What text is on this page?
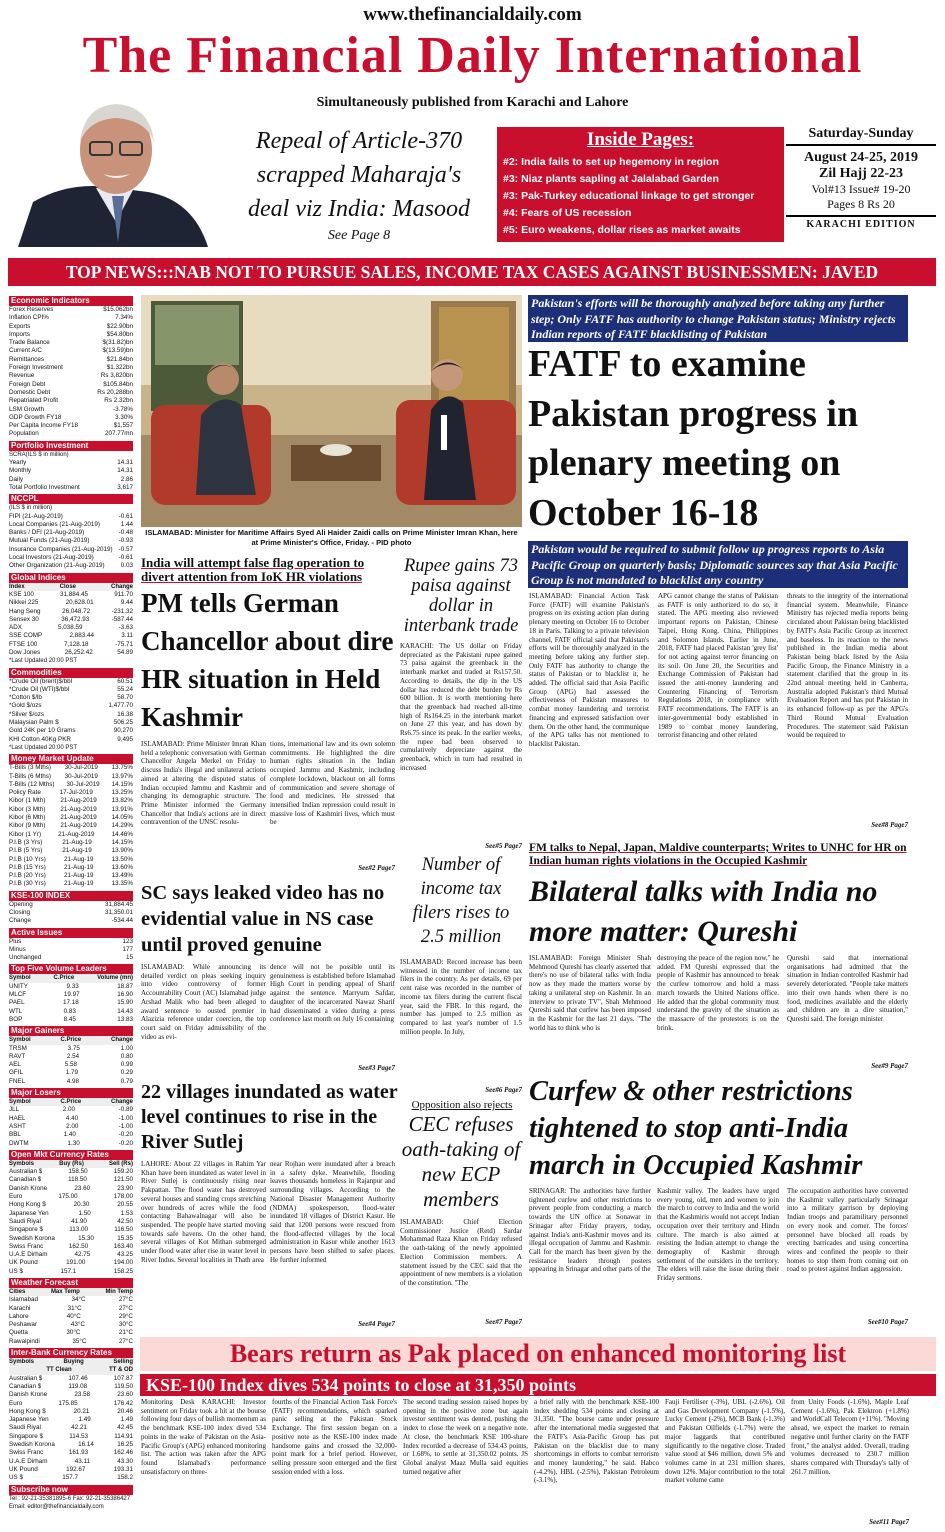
www.thefinancialdaily.com
The Financial Daily International
Simultaneously published from Karachi and Lahore
Repeal of Article-370
scrapped Maharaja's
deal viz India: Masood
See Page 8
Inside Pages:
#2: India fails to set up hegemony in region
#3: Niaz plants sapling at Jalalabad Garden
#3: Pak-Turkey educational linkage to get stronger
#4: Fears of US recession
#5: Euro weakens, dollar rises as market awaits
Saturday-Sunday
August 24-25, 2019
Zil Hajj 22-23
Vol#13 Issue# 19-20
Pages 8 Rs 20
KARACHI EDITION
TOP NEWS:::NAB NOT TO PURSUE SALES, INCOME TAX CASES AGAINST BUSINESSMEN: JAVED
Economic Indicators
Forex Reserves	$15.062bn
Inflation CPI%	7.34%
Exports	$22.90bn
Imports	$54.80bn
Trade Balance	$(31.82)bn
Current A/C	$(13.59)bn
Remittances	$21.84bn
Foreign Investment	$1.322bn
Revenue	Rs 3,820bn
Foreign Debt	$105.84bn
Domestic Debt	Rs 20,288bn
Repatriated Profit	Rs 2.32bn
LSM Growth	-3.78%
GDP Growth FY18	3.30%
Per Capita Income FY18	$1,557
Population	207.77mn
Portfolio Investment
SCRA(ILS $ in million)
Yearly	14.31
Monthly	14.31
Daily	2.86
Total Portfolio Investment	3,617
NCCPL
(ILS $ in million)
FIPI (21-Aug-2019)	-0.61
Local Companies (21-Aug-2019)	1.44
Banks / DFI (21-Aug-2019)	-0.48
Mutual Funds (21-Aug-2019)	-0.93
Insurance Companies (21-Aug-2019) -0.57
Local Investors (21-Aug-2019)	-0.61
Other Organization (21-Aug-2019)	0.03
Global Indices
Index	Close	Change
KSE 100	31,884.45	911.70
Nikkei 225	20,628.01	9.44
Hang Seng	26,048.72	-231.32
Sensex 30	36,472.93	-587.44
ADX	5,038.59	-3.63
SSE COMP	2,883.44	3.11
FTSE 100	7,128.18	-75.71
Dow Jones	26,252.42	54.89
*Last Updated 20:00 PST
Commodities
*Crude Oil (brent)$/bbl	60.51
*Crude Oil (WTI)$/bbl	55.24
*Cotton $/lb	58.70
*Gold $/ozs	1,477.70
*Silver $/ozs	16.38
Malaysian Palm $	506.25
Gold 24K per 10 Grams	90,270
KHI Cotton 40Kg PKR	9,495
*Last Updated 20:00 PST
Money Market Update
T-Bills (3 Mths) 30-Jul-2019 13.75%
T-Bills (6 Mths) 30-Jul-2019 13.97%
T-Bills (12 Mths) 30-Jul-2019 14.15%
Policy Rate	17-Jul-2019	13.25%
Kibor (1 Mth) 21-Aug-2019 13.82%
Kibor (3 Mth) 21-Aug-2019 13.91%
Kibor (6 Mth) 21-Aug-2019 14.05%
Kibor (9 Mth) 21-Aug-2019 14.29%
Kibor (1 Yr)	21-Aug-2019	14.46%
P.I.B (3 Yrs)	21-Aug-19	14.15%
P.I.B (5 Yrs)	21-Aug-19	13.90%
P.I.B (10 Yrs)	21-Aug-19	13.50%
P.I.B (15 Yrs)	21-Aug-19	13.60%
P.I.B (20 Yrs)	21-Aug-19	13.49%
P.I.B (30 Yrs)	21-Aug-19	13.35%
KSE-100 INDEX
Opening	31,884.45
Closing	31,350.01
Change	-534.44
Active Issues
Plus	123
Minus	177
Unchanged	15
Top Five Volume Leaders
Symbol	C.Price	Volume (mn)
UNITY	9.33	18.87
MLCF	19.97	16.90
PAEL	17.18	15.90
WTL	0.83	14.43
BOP	8.45	13.83
Major Gainers
Symbol	C.Price	Change
TRSM	3.75	1.00
RAVT	2.54	0.80
AEL	5.58	0.99
GFIL	1.79	0.29
FNEL	4.98	0.79
Major Losers
Symbol	C.Price	Change
JLL	2.00	-0.89
HAEL	4.40	-1.00
ASHT	2.00	-1.00
BBL	1.40	-0.20
DWTM	1.30	-0.20
Open Mkt Currency Rates
Symbols	Buy (Rs)	Sell (Rs)
Australian $	158.50	159.20
Canadian $	118.50	121.50
Danish Krone	23.60	23.90
Euro	175.00	178.00
Hong Kong $	20.30	20.55
Japanese Yen	1.50	1.53
Saudi Riyal	41.90	42.50
Singapore $	113.00	116.50
Swedish Korona	15.30	15.35
Swiss Franc	162.50	163.40
U.A.E Dirham	42.75	43.25
UK Pound	191.00	194.00
US $	157.1	158.25
Weather Forecast
Cities	Max Temp	Min Temp
Islamabad	34°C	27°C
Karachi	31°C	27°C
Lahore	40°C	29°C
Peshawar	43°C	30°C
Quetta	30°C	21°C
Rawalpindi	35°C	27°C
Inter-Bank Currency Rates
Symbols	Buying	Selling
TT Clean	TT & OD
Australian $	107.46	107.87
Canadian $	119.08	119.50
Danish Krone	23.58	23.60
Euro	175.85	176.42
Hong Kong $	20.21	20.46
Japanese Yen	1.49	1.49
Saudi Riyal	42.21	42.45
Singapore $	114.53	114.91
Swedish Korona	16.14	16.25
Swiss Franc	161.93	162.46
U.A.E Dirham	43.11	43.30
UK Pound	192.67	193.31
US $	157.7	158.2
Subscribe now
Tel : 92-21-35381895-6 Fax: 92-21-35386427
Email: editor@thefinancialdaily.com
ISLAMABAD: Minister for Maritime Affairs Syed Ali Haider Zaidi calls on Prime Minister Imran Khan, here at Prime Minister's Office, Friday. - PID photo
Pakistan's efforts will be thoroughly analyzed before taking any further step; Only FATF has authority to change Pakistan status; Ministry rejects Indian reports of FATF blacklisting of Pakistan
FATF to examine Pakistan progress in plenary meeting on October 16-18
Pakistan would be required to submit follow up progress reports to Asia Pacific Group on quarterly basis; Diplomatic sources say that Asia Pacific Group is not mandated to blacklist any country
ISLAMABAD: Financial Action Task Force (FATF) will examine Pakistan's progress on its existing action plan during plenary meeting on October 16 to October 18 in Paris. Talking to a private television channel, FATF official said that Pakistan's efforts will be thoroughly analyzed in the meeting before taking any further step. Only FATF has authority to change the status of Pakistan or to blacklist it, he added. The official said that Asia Pacific Group (APG) had assessed the effectiveness of Pakistan measures to combat money laundering and terrorist financing and expressed satisfaction over them. On the other hand, the communique of the APG talks has not mentioned to blacklist Pakistan.
APG cannot change the status of Pakistan as FATF is only authorized to do so, it stated. The APG meeting also reviewed important reports on Pakistan, Chinese Taipei, Hong Kong, China, Philippines and Solomon Islands. Earlier in June, 2018, FATF had placed Pakistan 'grey list' for not acting against terror financing on its soil. On June 20, the Securities and Exchange Commission of Pakistan had issued the anti-money laundering and Countering Financing of Terrorism Regulations 2018, in compliance with FATF recommendations. The FATF is an inter-governmental body established in 1989 to combat money laundering, terrorist financing and other related
threats to the integrity of the international financial system. Meanwhile, Finance Ministry has rejected media reports being circulated about Pakistan being blacklisted by FATF's Asia Pacific Group as incorrect and baseless. In its reaction to the news published in the Indian media about Pakistan being black listed by the Asia Pacific Group, the Finance Ministry in a statement clarified that the group in its 22nd annual meeting held in Canberra, Australia adopted Pakistan's third Mutual Evaluation Report and has put Pakistan in its enhanced follow-up as per the APG's Third Round Mutual Evaluation Procedures. The statement said Pakistan would be required to
See#8 Page7
India will attempt false flag operation to divert attention from IoK HR violations
PM tells German Chancellor about dire HR situation in Held Kashmir
ISLAMABAD: Prime Minister Imran Khan held a telephonic conversation with German Chancellor Angela Merkel on Friday to discuss India's illegal and unilateral actions aimed at altering the disputed status of Indian occupied Jammu and Kashmir and changing its demographic structure. The Prime Minister informed the Germany Chancellor that India's actions are in direct contravention of the UNSC resolu-
tions, international law and its own solemn commitments. He highlighted the dire human rights situation in the Indian occupied Jammu and Kashmir, including complete lockdown, blackout on all forms of communication and severe shortage of food and medicines. He stressed that intensified Indian repression could result in massive loss of Kashmiri lives, which must be
See#2 Page7
Rupee gains 73 paisa against dollar in interbank trade
KARACHI: The US dollar on Friday depreciated as the Pakistani rupee gained 73 paisa against the greenback in the interbank market and traded at Rs157.50. According to details, the dip in the US dollar has reduced the debt burden by Rs 600 billion. It is worth mentioning here that the greenback had reached all-time high of Rs164.25 in the interbank market on June 27 this year, and has down by Rs6.75 since its peak. In the earlier weeks, the rupee had been observed to cumulatively depreciate against the greenback, which in turn had resulted in increased
See#5 Page7
SC says leaked video has no evidential value in NS case until proved genuine
ISLAMABAD: While announcing its detailed verdict on pleas seeking inquiry into video controversy of former Accountability Court (AC) Islamabad judge Arshad Malik who had been alleged to award sentence to ousted premier in Alazizia reference under coercion, the top court said on Friday admissibility of the video as evi-
dence will not be possible until its genuineness is established before Islamabad High Court in pending appeal of Sharif against the sentence. Marryum Safdar, daughter of the incarcerated Nawaz Sharif had disseminated a video during a press conference last month on July 16 containing
See#3 Page7
Number of income tax filers rises to 2.5 million
ISLAMABAD: Record increase has been witnessed in the number of income tax filers in the country. As per details, 69 per cent raise was recorded in the number of income tax filers during the current fiscal year, said the FBR. In this regard, the number has jumped to 2.5 million as compared to last year's number of 1.5 million people. In July,
See#6 Page7
Opposition also rejects
CEC refuses oath-taking of new ECP members
ISLAMABAD: Chief Election Commissioner Justice (Retd) Sardar Mohammad Raza Khan on Friday refused the oath-taking of the newly appointed Election Commission members. A statement issued by the CEC said that the appointment of new members is a violation of the constitution. "The
See#7 Page7
22 villages inundated as water level continues to rise in the River Sutlej
LAHORE: About 22 villages in Rahim Yar Khan have been inundated as water level in River Sutlej is continuously rising near Pakpattan. The flood water has destroyed several houses and standing crops stretching over hundreds of acres while the food contacting Bahawalnagar will also be suspended. The people have started moving towards safe havens. On the other hand, several villages of Kot Mithan submerged under flood water after rise in water level in River Indus. Several localities in Thath area
near Rojhan were inundated after a breach in a safety dyke. Meanwhile, flooding leaves thousands homeless in Rajanpur and surrounding villages. According to the National Disaster Management Authority (NDMA) spokesperson, flood-water inundated 18 villages of District Kasur. He said that 1200 persons were rescued from the flood-affected villages by the local administration in Kasur while another 1613 persons have been shifted to safer places. He further informed
See#4 Page7
FM talks to Nepal, Japan, Maldive counterparts; Writes to UNHC for HR on Indian human rights violations in the Occupied Kashmir
Bilateral talks with India no more matter: Qureshi
ISLAMABAD: Foreign Minister Shah Mehmood Qureshi has clearly asserted that there's no use of bilateral talks with India now as they made the matters worse by taking a unilateral step on Kashmir. In an interview to private TV", Shah Mehmood Qureshi said that curfew has been imposed in the Kashmir for the last 21 days. "The world has to think who is
destroying the peace of the region now," he added. FM Qureshi expressed that the people of Kashmir has announced to break the curfew tomorrow and hold a mass march towards the United Nations office. He added that the global community must understand the gravity of the situation as the massacre of the protestors is on the brink.
Qureshi said that international organisations had admitted that the situation in Indian controlled Kashmir had severely deteriorated. "People take matters into their own hands when there is no food, medicines available and the elderly and children are in a dire situation," Qureshi said. The foreign minister
See#9 Page7
Curfew & other restrictions tightened to stop anti-India march in Occupied Kashmir
SRINAGAR: The authorities have further tightened curfew and other restrictions to prevent people from conducting a march towards the UN office at Sonawar in Srinagar after Friday prayers, today, against India's anti-Kashmir moves and its illegal occupation of Jammu and Kashmir. Call for the march has been given by the resistance leaders through posters appearing in Srinagar and other parts of the
Kashmir valley. The leaders have urged every young, old, men and women to join the march to convey to India and the world that the Kashmiris would not accept Indian occupation over their territory and Hindu culture. The march is also aimed at resisting the Indian attempt to change the demography of Kashmir through settlement of the outsiders in the territory. The elders will raise the issue during their Friday sermons.
The occupation authorities have converted the Kashmir valley particularly Srinagar into a military garrison by deploying Indian troops and paramilitary personnel on every nook and corner. The forces' personnel have blocked all roads by erecting barricades and using concertina wires and confined the people to their homes to stop them from coming out on road to protest against Indian aggression.
See#10 Page7
Bears return as Pak placed on enhanced monitoring list
KSE-100 Index dives 534 points to close at 31,350 points
Monitoring Desk KARACHI: Investor sentiment on Friday took a hit at the bourse following four days of bullish momentum as the benchmark KSE-100 index dived 534 points in the wake of Pakistan on the Asia-Pacific Group's (APG) enhanced monitoring list. The action was taken after the APG found Islamabad's performance unsatisfactory on three-
fourths of the Financial Action Task Force's (FATF) recommendations, which sparked panic selling at the Pakistan Stock Exchange. The first session began on a positive note as the KSE-100 index made handsome gains and crossed the 32,000-point mark for a brief period. However, selling pressure soon emerged and the first session ended with a loss.
The second trading session raised hopes by opening in the positive zone but again investor sentiment was dented, pushing the index to close the week on a negative note. At close, the benchmark KSE 100-share Index recorded a decrease of 534.43 points, or 1.68%, to settle at 31,350.02 points. JS Global analyst Maaz Mulla said equities turned negative after
a brief rally with the benchmark KSE-100 index shedding 534 points and closing at 31,350. "The bourse came under pressure after the international media suggested that the FATF's Asia-Pacific Group has put Pakistan on the blacklist due to many shortcomings in efforts to combat terrorism and money laundering," he said. Habco (-4.2%), HBL (-2.5%), Pakistan Petroleum (-3.1%),
Fauji Fertiliser (-3%), UBL (-2.6%), Oil and Gas Development Company (-1.5%), Lucky Cement (-2%), MCB Bank (-1.3%) and Pakistan Oilfields (-1.7%) were the major laggards that contributed significantly to the negative close. Traded value stood at $46 million, down 5% and volumes came in at 231 million shares, down 12%. Major contribution to the total market volume came
from Unity Foods (-1.6%), Maple Leaf Cement (-1.6%), Pak Elektron (+1.8%) and WorldCall Telecom (+11%). "Moving ahead, we expect the market to remain negative until further clarity on the FATF front," the analyst added. Overall, trading volumes decreased to 230.7 million shares compared with Thursday's tally of 261.7 million.
See#11 Page7
